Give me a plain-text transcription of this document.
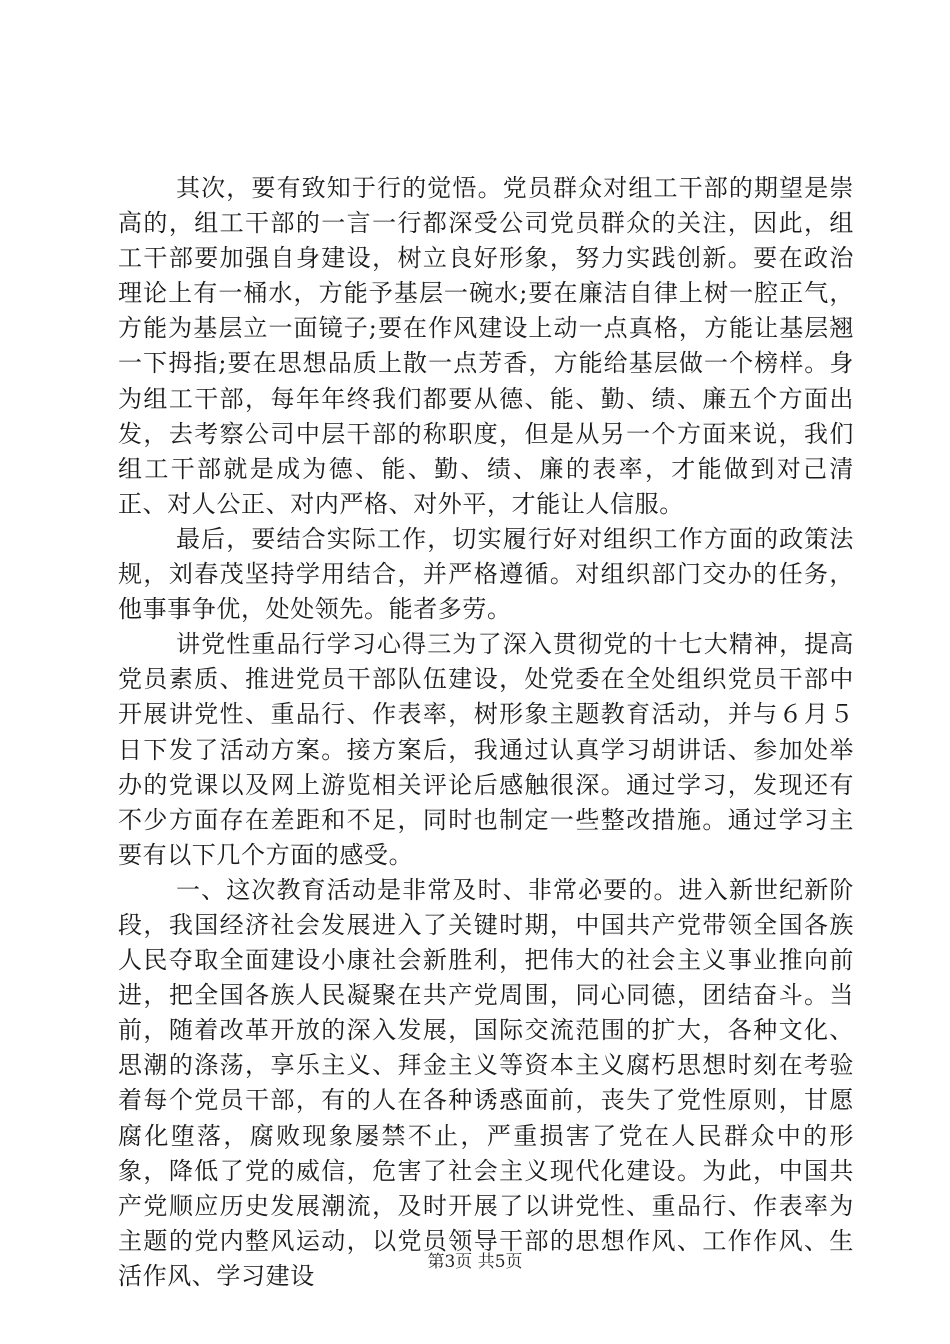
其次，要有致知于行的觉悟。党员群众对组工干部的期望是崇高的，组工干部的一言一行都深受公司党员群众的关注，因此，组工干部要加强自身建设，树立良好形象，努力实践创新。要在政治理论上有一桶水，方能予基层一碗水;要在廉洁自律上树一腔正气，方能为基层立一面镜子;要在作风建设上动一点真格，方能让基层翘一下拇指;要在思想品质上散一点芳香，方能给基层做一个榜样。身为组工干部，每年年终我们都要从德、能、勤、绩、廉五个方面出发，去考察公司中层干部的称职度，但是从另一个方面来说，我们组工干部就是成为德、能、勤、绩、廉的表率，才能做到对己清正、对人公正、对内严格、对外平，才能让人信服。

最后，要结合实际工作，切实履行好对组织工作方面的政策法规，刘春茂坚持学用结合，并严格遵循。对组织部门交办的任务，他事事争优，处处领先。能者多劳。

讲党性重品行学习心得三为了深入贯彻党的十七大精神，提高党员素质、推进党员干部队伍建设，处党委在全处组织党员干部中开展讲党性、重品行、作表率，树形象主题教育活动，并与６月５日下发了活动方案。接方案后，我通过认真学习胡讲话、参加处举办的党课以及网上游览相关评论后感触很深。通过学习，发现还有不少方面存在差距和不足，同时也制定一些整改措施。通过学习主要有以下几个方面的感受。

一、这次教育活动是非常及时、非常必要的。进入新世纪新阶段，我国经济社会发展进入了关键时期，中国共产党带领全国各族人民夺取全面建设小康社会新胜利，把伟大的社会主义事业推向前进，把全国各族人民凝聚在共产党周围，同心同德，团结奋斗。当前，随着改革开放的深入发展，国际交流范围的扩大，各种文化、思潮的涤荡，享乐主义、拜金主义等资本主义腐朽思想时刻在考验着每个党员干部，有的人在各种诱惑面前，丧失了党性原则，甘愿腐化堕落，腐败现象屡禁不止，严重损害了党在人民群众中的形象，降低了党的威信，危害了社会主义现代化建设。为此，中国共产党顺应历史发展潮流，及时开展了以讲党性、重品行、作表率为主题的党内整风运动，以党员领导干部的思想作风、工作作风、生活作风、学习建设	第3页 共5页
